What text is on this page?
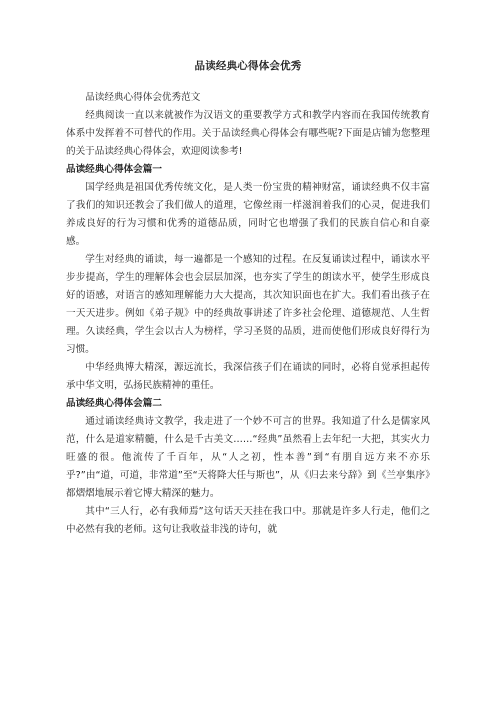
品读经典心得体会优秀

品读经典心得体会优秀范文

经典阅读一直以来就被作为汉语文的重要教学方式和教学内容而在我国传统教育体系中发挥着不可替代的作用。关于品读经典心得体会有哪些呢?下面是店铺为您整理的关于品读经典心得体会，欢迎阅读参考!

品读经典心得体会篇一

国学经典是祖国优秀传统文化，是人类一份宝贵的精神财富，诵读经典不仅丰富了我们的知识还教会了我们做人的道理，它像丝雨一样滋润着我们的心灵，促进我们养成良好的行为习惯和优秀的道德品质，同时它也增强了我们的民族自信心和自豪感。

学生对经典的诵读，每一遍都是一个感知的过程。在反复诵读过程中，诵读水平步步提高，学生的理解体会也会层层加深，也夯实了学生的朗读水平，使学生形成良好的语感，对语言的感知理解能力大大提高，其次知识面也在扩大。我们看出孩子在一天天进步。例如《弟子规》中的经典故事讲述了许多社会伦理、道德规范、人生哲理。久读经典，学生会以古人为榜样，学习圣贤的品质，进而使他们形成良好得行为习惯。

中华经典博大精深，源远流长，我深信孩子们在诵读的同时，必将自觉承担起传承中华文明，弘扬民族精神的重任。

品读经典心得体会篇二

通过诵读经典诗文教学，我走进了一个妙不可言的世界。我知道了什么是儒家风范，什么是道家精髓，什么是千古美文……“经典”虽然看上去年纪一大把，其实火力旺盛的很。他流传了千百年，从“人之初，性本善”到“有朋自远方来不亦乐乎?”由“道，可道，非常道”至“天将降大任与斯也”，从《归去来兮辞》到《兰亭集序》都熠熠地展示着它博大精深的魅力。

其中“三人行，必有我师焉”这句话天天挂在我口中。那就是许多人行走，他们之中必然有我的老师。这句让我收益非浅的诗句，就
